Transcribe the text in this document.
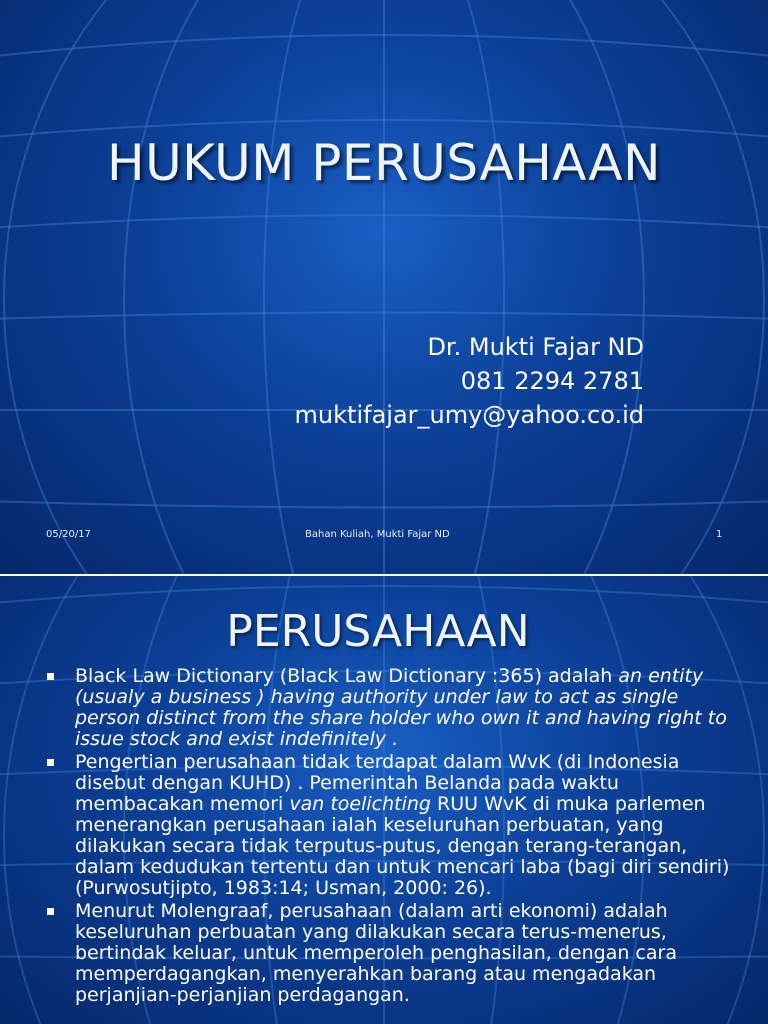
HUKUM PERUSAHAAN
Dr. Mukti Fajar ND
081 2294 2781
muktifajar_umy@yahoo.co.id
05/20/17	Bahan Kuliah, Mukti Fajar ND	1
PERUSAHAAN
Black Law Dictionary (Black Law Dictionary :365) adalah an entity (usualy a business ) having authority under law to act as single person distinct from the share holder who own it and having right to issue stock and exist indefinitely .
Pengertian perusahaan tidak terdapat dalam WvK (di Indonesia disebut dengan KUHD) . Pemerintah Belanda pada waktu membacakan memori van toelichting RUU WvK di muka parlemen menerangkan perusahaan ialah keseluruhan perbuatan, yang dilakukan secara tidak terputus-putus, dengan terang-terangan, dalam kedudukan tertentu dan untuk mencari laba (bagi diri sendiri) (Purwosutjipto, 1983:14; Usman, 2000: 26).
Menurut Molengraaf, perusahaan (dalam arti ekonomi) adalah keseluruhan perbuatan yang dilakukan secara terus-menerus, bertindak keluar, untuk memperoleh penghasilan, dengan cara memperdagangkan, menyerahkan barang atau mengadakan perjanjian-perjanjian perdagangan.
